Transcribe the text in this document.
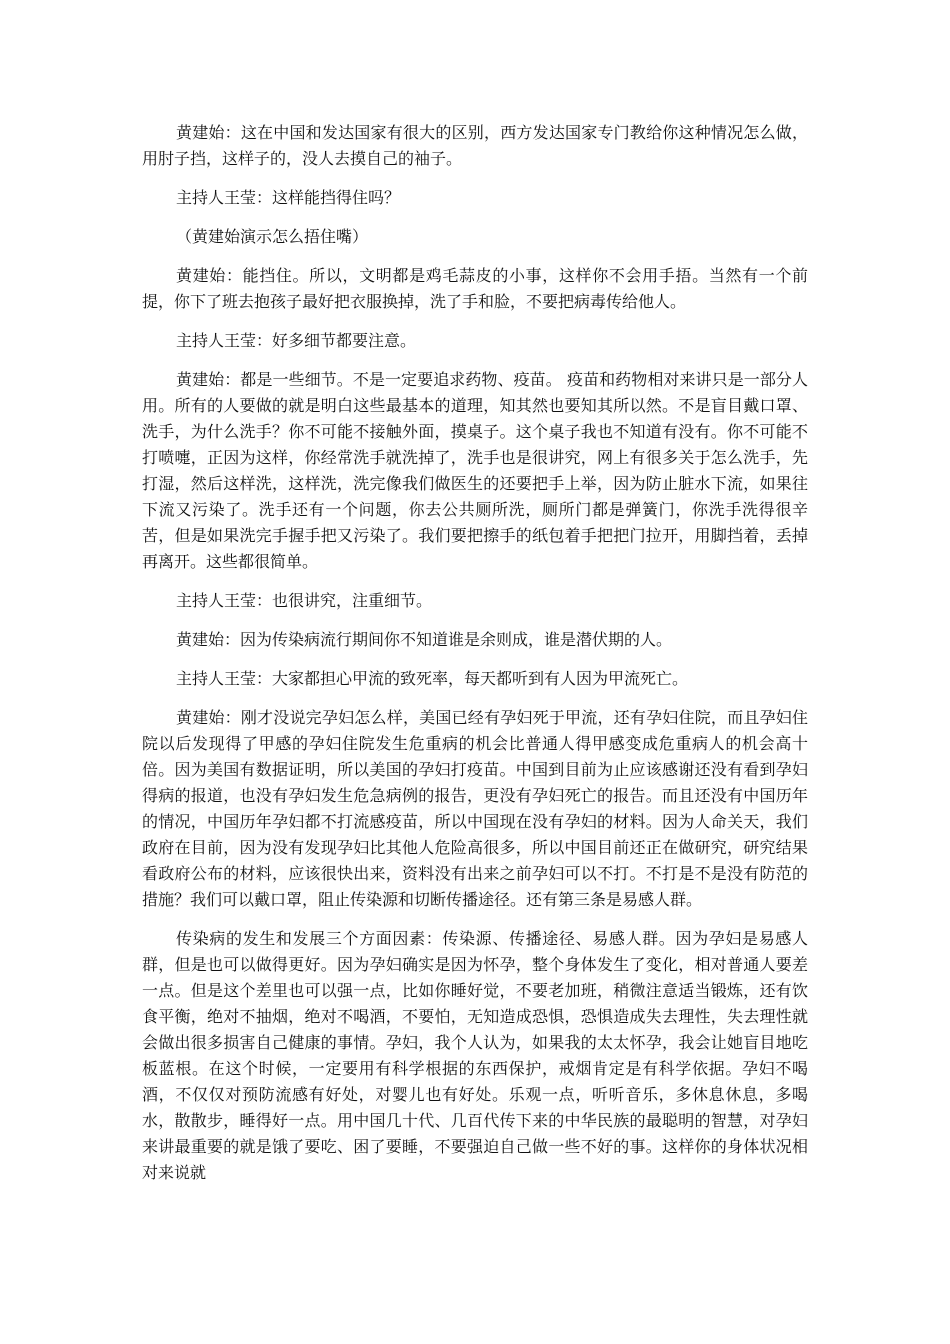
黄建始：这在中国和发达国家有很大的区别，西方发达国家专门教给你这种情况怎么做，用肘子挡，这样子的，没人去摸自己的袖子。

主持人王莹：这样能挡得住吗？

（黄建始演示怎么捂住嘴）

黄建始：能挡住。所以，文明都是鸡毛蒜皮的小事，这样你不会用手捂。当然有一个前提，你下了班去抱孩子最好把衣服换掉，洗了手和脸，不要把病毒传给他人。

主持人王莹：好多细节都要注意。

黄建始：都是一些细节。不是一定要追求药物、疫苗。 疫苗和药物相对来讲只是一部分人用。所有的人要做的就是明白这些最基本的道理，知其然也要知其所以然。不是盲目戴口罩、洗手，为什么洗手？你不可能不接触外面，摸桌子。这个桌子我也不知道有没有。你不可能不打喷嚏，正因为这样，你经常洗手就洗掉了，洗手也是很讲究，网上有很多关于怎么洗手，先打湿，然后这样洗，这样洗，洗完像我们做医生的还要把手上举，因为防止脏水下流，如果往下流又污染了。洗手还有一个问题，你去公共厕所洗，厕所门都是弹簧门，你洗手洗得很辛苦，但是如果洗完手握手把又污染了。我们要把擦手的纸包着手把把门拉开，用脚挡着，丢掉再离开。这些都很简单。

主持人王莹：也很讲究，注重细节。

黄建始：因为传染病流行期间你不知道谁是余则成，谁是潜伏期的人。

主持人王莹：大家都担心甲流的致死率，每天都听到有人因为甲流死亡。

黄建始：刚才没说完孕妇怎么样，美国已经有孕妇死于甲流，还有孕妇住院，而且孕妇住院以后发现得了甲感的孕妇住院发生危重病的机会比普通人得甲感变成危重病人的机会高十倍。因为美国有数据证明，所以美国的孕妇打疫苗。中国到目前为止应该感谢还没有看到孕妇得病的报道，也没有孕妇发生危急病例的报告，更没有孕妇死亡的报告。而且还没有中国历年的情况，中国历年孕妇都不打流感疫苗，所以中国现在没有孕妇的材料。因为人命关天，我们政府在目前，因为没有发现孕妇比其他人危险高很多，所以中国目前还正在做研究，研究结果看政府公布的材料，应该很快出来，资料没有出来之前孕妇可以不打。不打是不是没有防范的措施？我们可以戴口罩，阻止传染源和切断传播途径。还有第三条是易感人群。

传染病的发生和发展三个方面因素：传染源、传播途径、易感人群。因为孕妇是易感人群，但是也可以做得更好。因为孕妇确实是因为怀孕，整个身体发生了变化，相对普通人要差一点。但是这个差里也可以强一点，比如你睡好觉，不要老加班，稍微注意适当锻炼，还有饮食平衡，绝对不抽烟，绝对不喝酒，不要怕，无知造成恐惧，恐惧造成失去理性，失去理性就会做出很多损害自己健康的事情。孕妇，我个人认为，如果我的太太怀孕，我会让她盲目地吃板蓝根。在这个时候，一定要用有科学根据的东西保护，戒烟肯定是有科学依据。孕妇不喝酒，不仅仅对预防流感有好处，对婴儿也有好处。乐观一点，听听音乐，多休息休息，多喝水，散散步，睡得好一点。用中国几十代、几百代传下来的中华民族的最聪明的智慧，对孕妇来讲最重要的就是饿了要吃、困了要睡，不要强迫自己做一些不好的事。这样你的身体状况相对来说就
